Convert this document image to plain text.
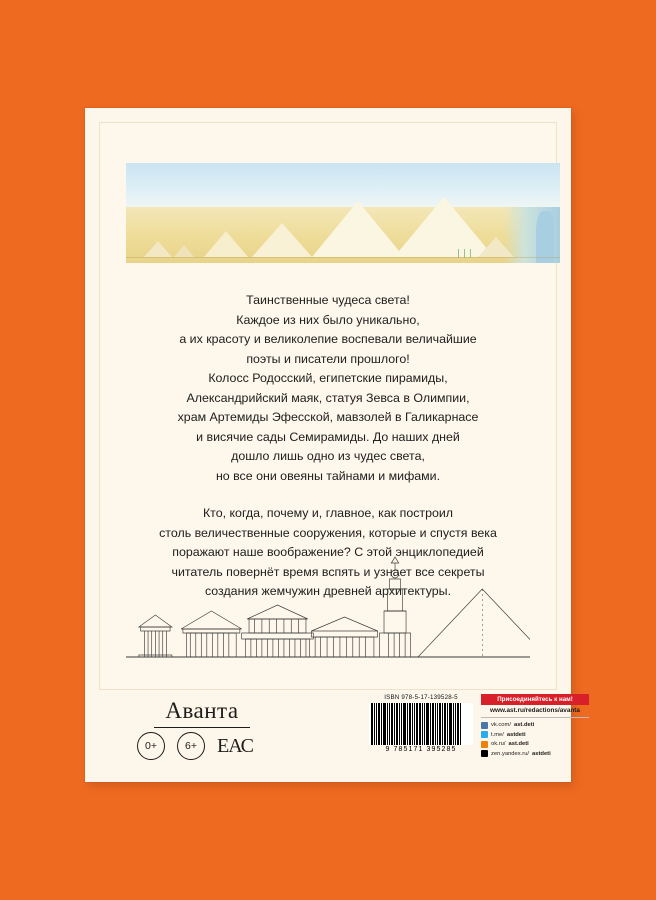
Таинственные чудеса света!
Каждое из них было уникально,
а их красоту и великолепие воспевали величайшие
поэты и писатели прошлого!
Колосс Родосский, египетские пирамиды,
Александрийский маяк, статуя Зевса в Олимпии,
храм Артемиды Эфесской, мавзолей в Галикарнасе
и висячие сады Семирамиды. До наших дней
дошло лишь одно из чудес света,
но все они овеяны тайнами и мифами.

Кто, когда, почему и, главное, как построил
столь величественные сооружения, которые и спустя века
поражают наше воображение? С этой энциклопедией
читатель повернёт время вспять и узнает все секреты
создания жемчужин древней архитектуры.

Аванта
0+	6+	ЕАС
ISBN 978-5-17-139528-5
9 785171 395285
Присоединяйтесь к нам!
www.ast.ru/redactions/avanta
vk.com/ ast.deti
t.me/ astdeti
ok.ru/ ast.deti
zen.yandex.ru/ astdeti
